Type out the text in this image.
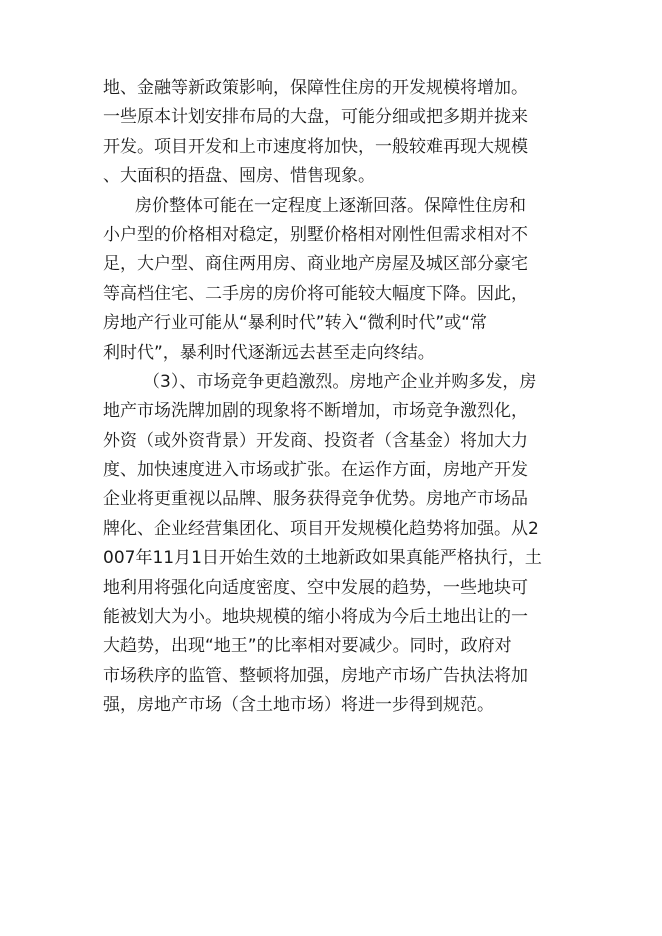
地、金融等新政策影响，保障性住房的开发规模将增加。
一些原本计划安排布局的大盘，可能分细或把多期并拢来
开发。项目开发和上市速度将加快，一般较难再现大规模
、大面积的捂盘、囤房、惜售现象。
房价整体可能在一定程度上逐渐回落。保障性住房和
小户型的价格相对稳定，别墅价格相对刚性但需求相对不
足，大户型、商住两用房、商业地产房屋及城区部分豪宅
等高档住宅、二手房的房价将可能较大幅度下降。因此，
房地产行业可能从“暴利时代”转入“微利时代”或“常
利时代”，暴利时代逐渐远去甚至走向终结。
（3）、市场竞争更趋激烈。房地产企业并购多发，房
地产市场洗牌加剧的现象将不断增加，市场竞争激烈化，
外资（或外资背景）开发商、投资者（含基金）将加大力
度、加快速度进入市场或扩张。在运作方面，房地产开发
企业将更重视以品牌、服务获得竞争优势。房地产市场品
牌化、企业经营集团化、项目开发规模化趋势将加强。从2
007年11月1日开始生效的土地新政如果真能严格执行，土
地利用将强化向适度密度、空中发展的趋势，一些地块可
能被划大为小。地块规模的缩小将成为今后土地出让的一
大趋势，出现“地王”的比率相对要减少。同时，政府对
市场秩序的监管、整顿将加强，房地产市场广告执法将加
强，房地产市场（含土地市场）将进一步得到规范。
